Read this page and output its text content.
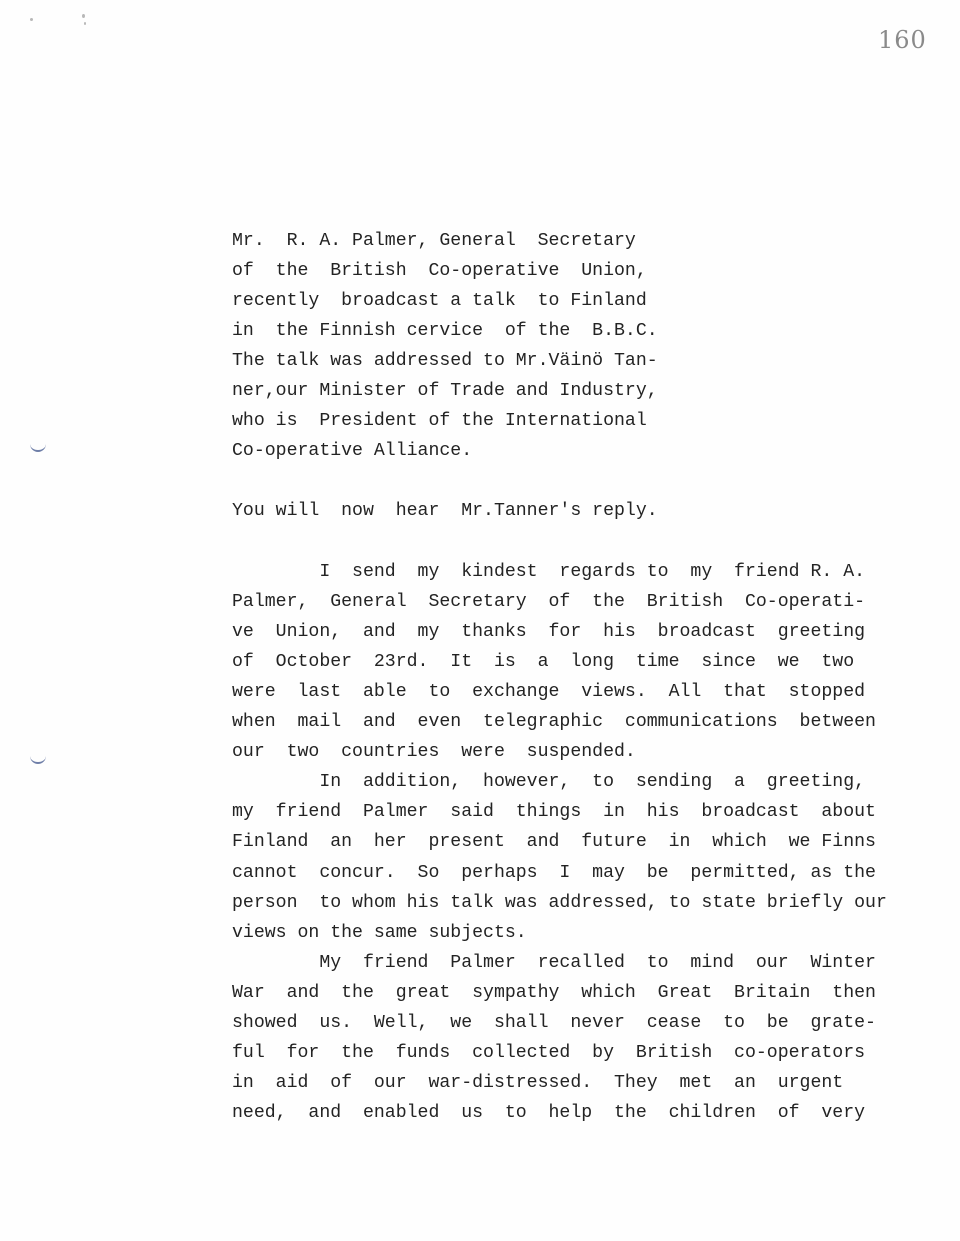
160
Mr.  R. A. Palmer, General  Secretary
of  the  British  Co-operative  Union,
recently  broadcast a talk  to Finland
in  the Finnish cervice  of the  B.B.C.
The talk was addressed to Mr.Väinö Tan-
ner,our Minister of Trade and Industry,
who is  President of the International
Co-operative Alliance.
You will  now  hear  Mr.Tanner's reply.
I  send  my  kindest  regards to  my  friend R. A.
Palmer,  General  Secretary  of  the  British  Co-operati-
ve  Union,  and  my  thanks  for  his  broadcast  greeting
of  October  23rd.  It  is  a  long  time  since  we  two
were  last  able  to  exchange  views.  All  that  stopped
when  mail  and  even  telegraphic  communications  between
our  two  countries  were  suspended.
In  addition,  however,  to  sending  a  greeting,
my  friend  Palmer  said  things  in  his  broadcast  about
Finland  an  her  present  and  future  in  which  we Finns
cannot  concur.  So  perhaps  I  may  be  permitted, as the
person  to whom his talk was addressed, to state briefly our
views on the same subjects.
My  friend  Palmer  recalled  to  mind  our  Winter
War  and  the  great  sympathy  which  Great  Britain  then
showed  us.  Well,  we  shall  never  cease  to  be  grate-
ful  for  the  funds  collected  by  British  co-operators
in  aid  of  our  war-distressed.  They  met  an  urgent
need,  and  enabled  us  to  help  the  children  of  very
